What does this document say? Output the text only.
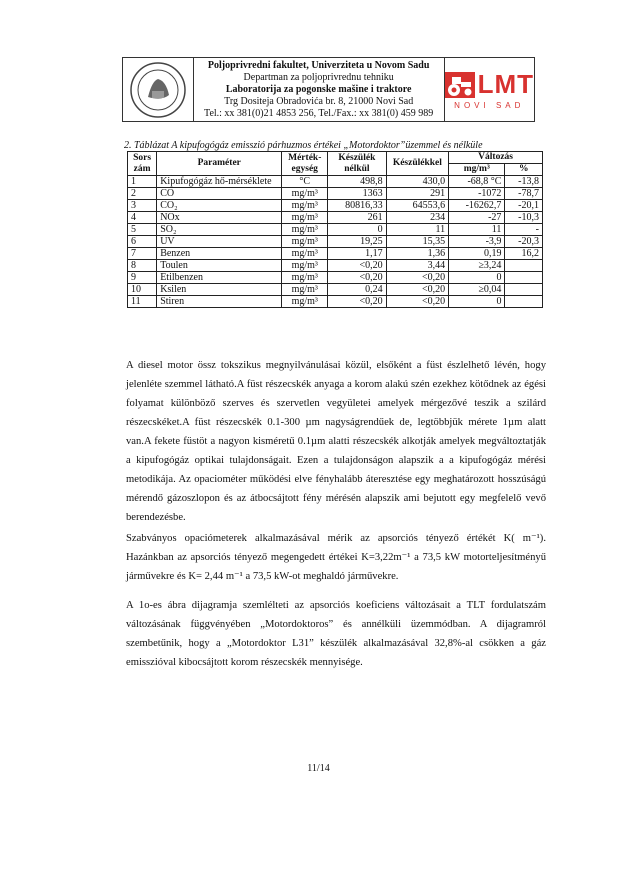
Poljoprivredni fakultet, Univerziteta u Novom Sadu
Departman za poljoprivrednu tehniku
Laboratorija za pogonske mašine i traktore
Trg Dositeja Obradovića br. 8, 21000 Novi Sad
Tel.: xx 381(0)21 4853 256, Tel./Fax.: xx 381(0) 459 989
LMT
NOVI SAD
2. Táblázat A kipufogógáz emisszió párhuzmos értékei „Motordoktor”üzemmel és nélküle
Sors zám	Paraméter	Mérték-egység	Készülék nélkül	Készülékkel	Változás	
					mg/m³	%
1	Kipufogógáz hő-mérséklete	°C	498,8	430,0	-68,8 °C	-13,8
2	CO	mg/m³	1363	291	-1072	-78,7
3	CO₂	mg/m³	80816,33	64553,6	-16262,7	-20,1
4	NOx	mg/m³	261	234	-27	-10,3
5	SO₂	mg/m³	0	11	11	-
6	UV	mg/m³	19,25	15,35	-3,9	-20,3
7	Benzen	mg/m³	1,17	1,36	0,19	16,2
8	Toulen	mg/m³	<0,20	3,44	≥3,24	
9	Etilbenzen	mg/m³	<0,20	<0,20	0	
10	Ksilen	mg/m³	0,24	<0,20	≥0,04	
11	Stiren	mg/m³	<0,20	<0,20	0	
A diesel motor össz tokszikus megnyilvánulásai közül, elsőként a füst észlelhető lévén, hogy jelenléte szemmel látható.A füst részecskék anyaga a korom alakú szén ezekhez kötődnek az égési folyamat különböző szerves és szervetlen vegyületei amelyek mérgezővé teszik a szilárd részecskéket.A füst részecskék 0.1-300 µm nagyságrendűek de, legtöbbjük mérete 1µm alatt van.A fekete füstöt a nagyon kisméretű 0.1µm alatti részecskék alkotják amelyek megváltoztatják a kipufogógáz optikai tulajdonságait. Ezen a tulajdonságon alapszik a a kipufogógáz mérési metodikája. Az opaciométer működési elve fényhalább áteresztése egy meghatározott hosszúságú mérendő gázoszlopon és az átbocsájtott fény mérésén alapszik ami bejutott egy megfelelő vevő berendezésbe.
Szabványos opaciómeterek alkalmazásával mérik az apsorciós tényező értékét K( m⁻¹). Hazánkban az apsorciós tényező megengedett értékei K=3,22m⁻¹ a 73,5 kW motorteljesítményű járművekre és K= 2,44 m⁻¹ a 73,5 kW-ot meghaldó járművekre.
A 1o-es ábra dijagramja szemlélteti az apsorciós koeficiens változásait a TLT fordulatszám változásának függvényében „Motordoktoros” és annélküli üzemmódban. A dijagramról szembetűnik, hogy a „Motordoktor L31” készülék alkalmazásával 32,8%-al csökken a gáz emisszióval kibocsájtott korom részecskék mennyisége.
11/14
